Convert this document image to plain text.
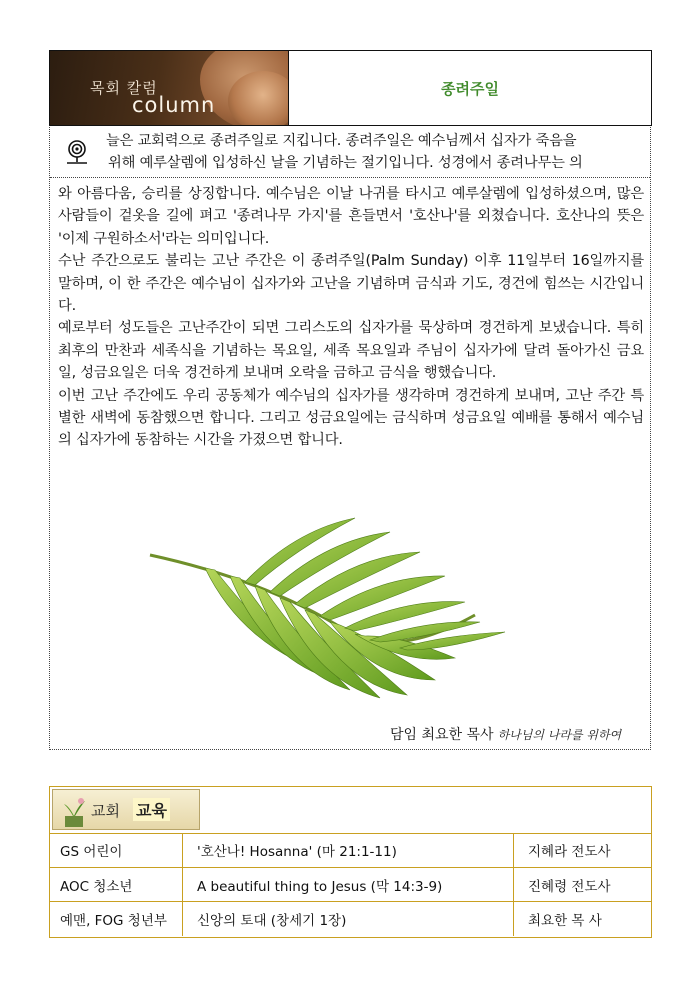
목회 칼럼
column
종려주일
늘은 교회력으로 종려주일로 지킵니다. 종려주일은 예수님께서 십자가 죽음을
위해 예루살렘에 입성하신 날을 기념하는 절기입니다. 성경에서 종려나무는 의

와 아름다움, 승리를 상징합니다. 예수님은 이날 나귀를 타시고 예루살렘에 입성하셨으며, 많은 사람들이 겉옷을 길에 펴고 '종려나무 가지'를 흔들면서 '호산나'를 외쳤습니다. 호산나의 뜻은 '이제 구원하소서'라는 의미입니다.

수난 주간으로도 불리는 고난 주간은 이 종려주일(Palm Sunday) 이후 11일부터 16일까지를 말하며, 이 한 주간은 예수님이 십자가와 고난을 기념하며 금식과 기도, 경건에 힘쓰는 시간입니다.

예로부터 성도들은 고난주간이 되면 그리스도의 십자가를 묵상하며 경건하게 보냈습니다. 특히 최후의 만찬과 세족식을 기념하는 목요일, 세족 목요일과 주님이 십자가에 달려 돌아가신 금요일, 성금요일은 더욱 경건하게 보내며 오락을 금하고 금식을 행했습니다.

이번 고난 주간에도 우리 공동체가 예수님의 십자가를 생각하며 경건하게 보내며, 고난 주간 특별한 새벽에 동참했으면 합니다. 그리고 성금요일에는 금식하며 성금요일 예배를 통해서 예수님의 십자가에 동참하는 시간을 가졌으면 합니다.

담임 최요한 목사 하나님의 나라를 위하여
교회 교육
GS 어린이	'호산나! Hosanna' (마 21:1-11)	지혜라 전도사
AOC 청소년	A beautiful thing to Jesus (막 14:3-9)	진혜령 전도사
예맨, FOG 청년부	신앙의 토대 (창세기 1장)	최요한 목 사
